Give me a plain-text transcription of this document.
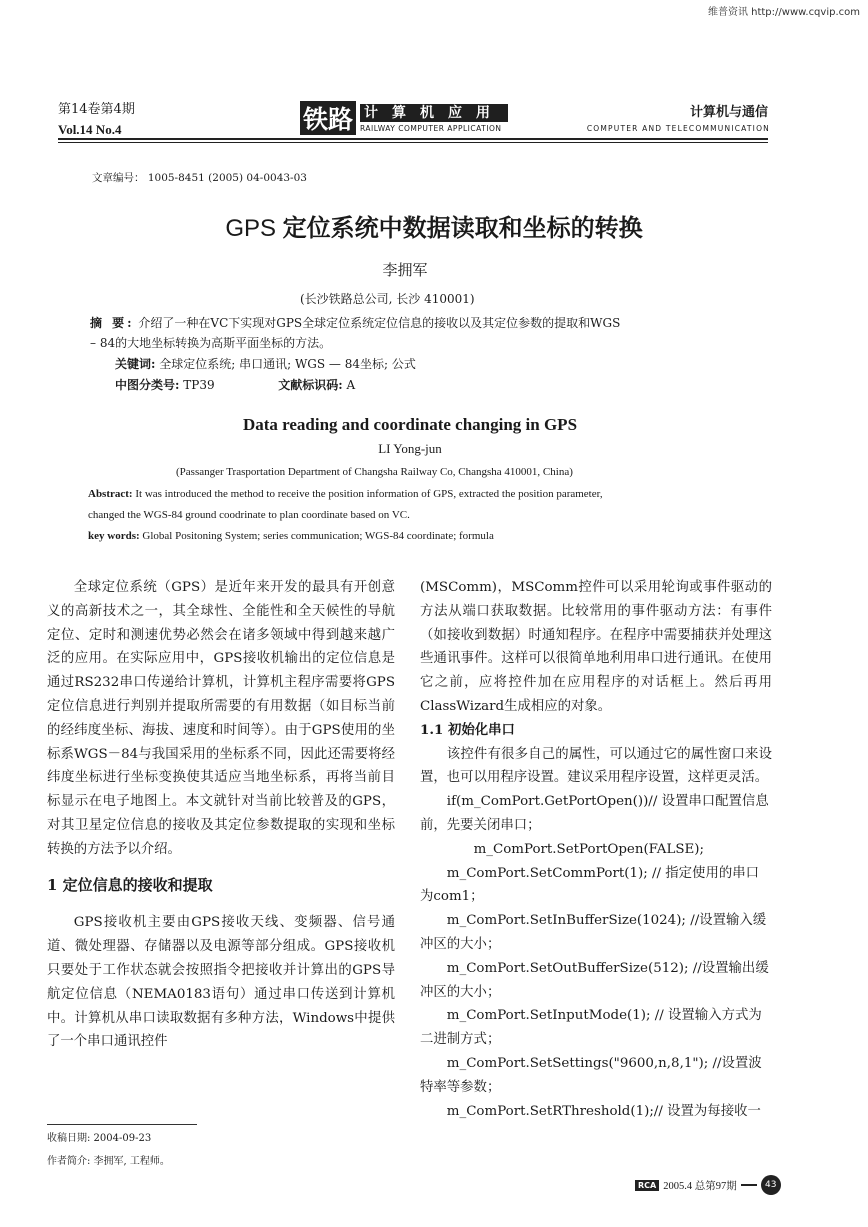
维普资讯 http://www.cqvip.com
第14卷第4期
Vol.14 No.4	铁路 计算机应用
RAILWAY COMPUTER APPLICATION
计算机与通信
COMPUTER AND TELECOMMUNICATION
文章编号： 1005-8451 (2005) 04-0043-03
GPS 定位系统中数据读取和坐标的转换
李拥军
(长沙铁路总公司, 长沙 410001)
摘 要: 介绍了一种在VC下实现对GPS全球定位系统定位信息的接收以及其定位参数的提取和WGS
– 84的大地坐标转换为高斯平面坐标的方法。
关键词: 全球定位系统; 串口通讯; WGS — 84坐标; 公式
中图分类号: TP39	文献标识码: A
Data reading and coordinate changing in GPS
LI Yong-jun
(Passanger Trasportation Department of Changsha Railway Co, Changsha 410001, China)
Abstract: It was introduced the method to receive the position information of GPS, extracted the position parameter,
changed the WGS-84 ground coodrinate to plan coordinate based on VC.
key words: Global Positoning System; series communication; WGS-84 coordinate; formula

全球定位系统（GPS）是近年来开发的最具有开创意义的高新技术之一，其全球性、全能性和全天候性的导航定位、定时和测速优势必然会在诸多领域中得到越来越广泛的应用。在实际应用中，GPS接收机输出的定位信息是通过RS232串口传递给计算机，计算机主程序需要将GPS定位信息进行判别并提取所需要的有用数据（如目标当前的经纬度坐标、海拔、速度和时间等）。由于GPS使用的坐标系WGS－84与我国采用的坐标系不同，因此还需要将经纬度坐标进行坐标变换使其适应当地坐标系，再将当前目标显示在电子地图上。本文就针对当前比较普及的GPS，对其卫星定位信息的接收及其定位参数提取的实现和坐标转换的方法予以介绍。

1 定位信息的接收和提取

GPS接收机主要由GPS接收天线、变频器、信号通道、微处理器、存储器以及电源等部分组成。GPS接收机只要处于工作状态就会按照指令把接收并计算出的GPS导航定位信息（NEMA0183语句）通过串口传送到计算机中。计算机从串口读取数据有多种方法，Windows中提供了一个串口通讯控件

收稿日期: 2004-09-23
作者简介: 李拥军, 工程师。

(MSComm)，MSComm控件可以采用轮询或事件驱动的方法从端口获取数据。比较常用的事件驱动方法：有事件（如接收到数据）时通知程序。在程序中需要捕获并处理这些通讯事件。这样可以很简单地利用串口进行通讯。在使用它之前，应将控件加在应用程序的对话框上。然后再用ClassWizard生成相应的对象。

1.1 初始化串口

该控件有很多自己的属性，可以通过它的属性窗口来设置，也可以用程序设置。建议采用程序设置，这样更灵活。

if(m_ComPort.GetPortOpen())// 设置串口配置信息前，先要关闭串口；

m_ComPort.SetPortOpen(FALSE);

m_ComPort.SetCommPort(1); // 指定使用的串口为com1；

m_ComPort.SetInBufferSize(1024); //设置输入缓冲区的大小；

m_ComPort.SetOutBufferSize(512); //设置输出缓冲区的大小；

m_ComPort.SetInputMode(1); // 设置输入方式为二进制方式；

m_ComPort.SetSettings("9600,n,8,1"); //设置波特率等参数；

m_ComPort.SetRThreshold(1);// 设置为每接收一

RCA 2005.4 总第97期	43
